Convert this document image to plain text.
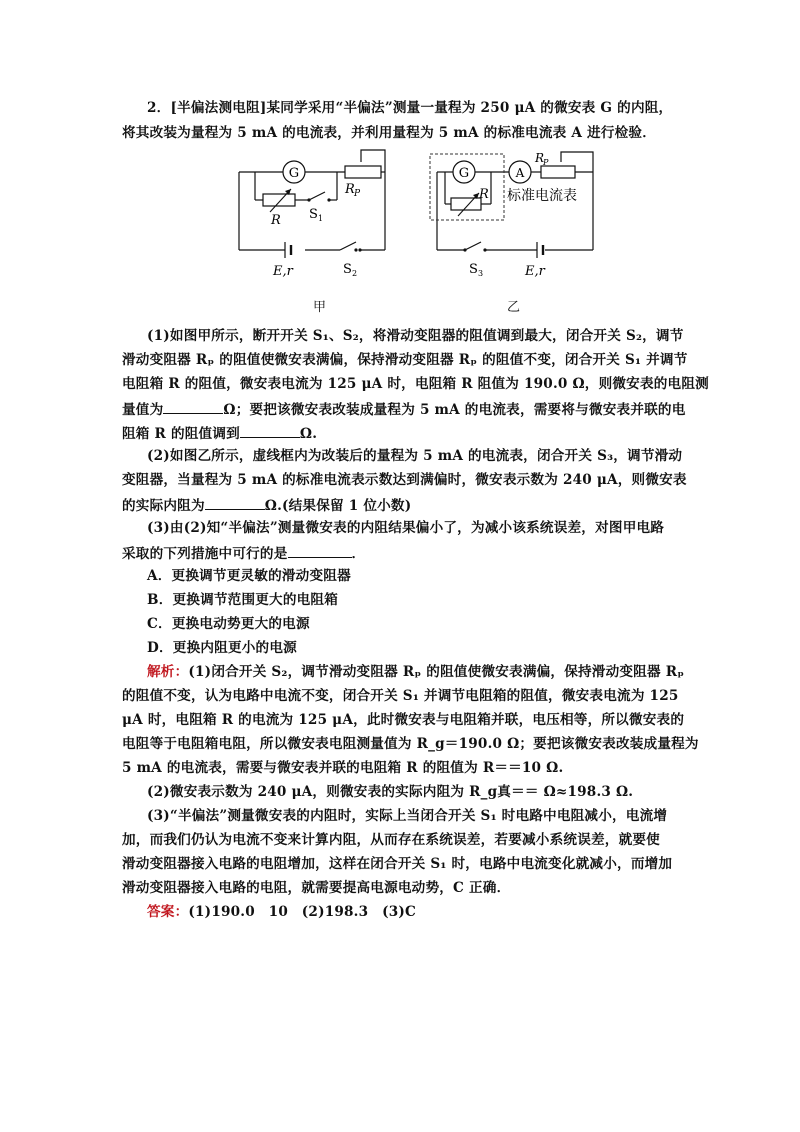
2．[半偏法测电阻]某同学采用“半偏法”测量一量程为 250 μA 的微安表 G 的内阻，
将其改装为量程为 5 mA 的电流表，并利用量程为 5 mA 的标准电流表 A 进行检验．
G
R P
R S 1
E,r	S 2
甲
G	A
R
P
R 标准电流表
S 3	E,r
乙
(1)如图甲所示，断开开关 S₁、S₂，将滑动变阻器的阻值调到最大，闭合开关 S₂，调节
滑动变阻器 Rₚ 的阻值使微安表满偏，保持滑动变阻器 Rₚ 的阻值不变，闭合开关 S₁ 并调节
电阻箱 R 的阻值，微安表电流为 125 μA 时，电阻箱 R 阻值为 190.0 Ω，则微安表的电阻测
量值为	Ω；要把该微安表改装成量程为 5 mA 的电流表，需要将与微安表并联的电
阻箱 R 的阻值调到	Ω.
(2)如图乙所示，虚线框内为改装后的量程为 5 mA 的电流表，闭合开关 S₃，调节滑动
变阻器，当量程为 5 mA 的标准电流表示数达到满偏时，微安表示数为 240 μA，则微安表
的实际内阻为	Ω.(结果保留 1 位小数)
(3)由(2)知“半偏法”测量微安表的内阻结果偏小了，为减小该系统误差，对图甲电路
采取的下列措施中可行的是	．
A．更换调节更灵敏的滑动变阻器
B．更换调节范围更大的电阻箱
C．更换电动势更大的电源
D．更换内阻更小的电源
解析：(1)闭合开关 S₂，调节滑动变阻器 Rₚ 的阻值使微安表满偏，保持滑动变阻器 Rₚ
的阻值不变，认为电路中电流不变，闭合开关 S₁ 并调节电阻箱的阻值，微安表电流为 125
μA 时，电阻箱 R 的电流为 125 μA，此时微安表与电阻箱并联，电压相等，所以微安表的
电阻等于电阻箱电阻，所以微安表电阻测量值为 R_g＝190.0 Ω；要把该微安表改装成量程为
5 mA 的电流表，需要与微安表并联的电阻箱 R 的阻值为 R＝＝10 Ω.
(2)微安表示数为 240 μA，则微安表的实际内阻为 R_g真＝＝ Ω≈198.3 Ω.
(3)“半偏法”测量微安表的内阻时，实际上当闭合开关 S₁ 时电路中电阻减小，电流增
加，而我们仍认为电流不变来计算内阻，从而存在系统误差，若要减小系统误差，就要使
滑动变阻器接入电路的电阻增加，这样在闭合开关 S₁ 时，电路中电流变化就减小，而增加
滑动变阻器接入电路的电阻，就需要提高电源电动势，C 正确．
答案：(1)190.0　10　(2)198.3　(3)C
